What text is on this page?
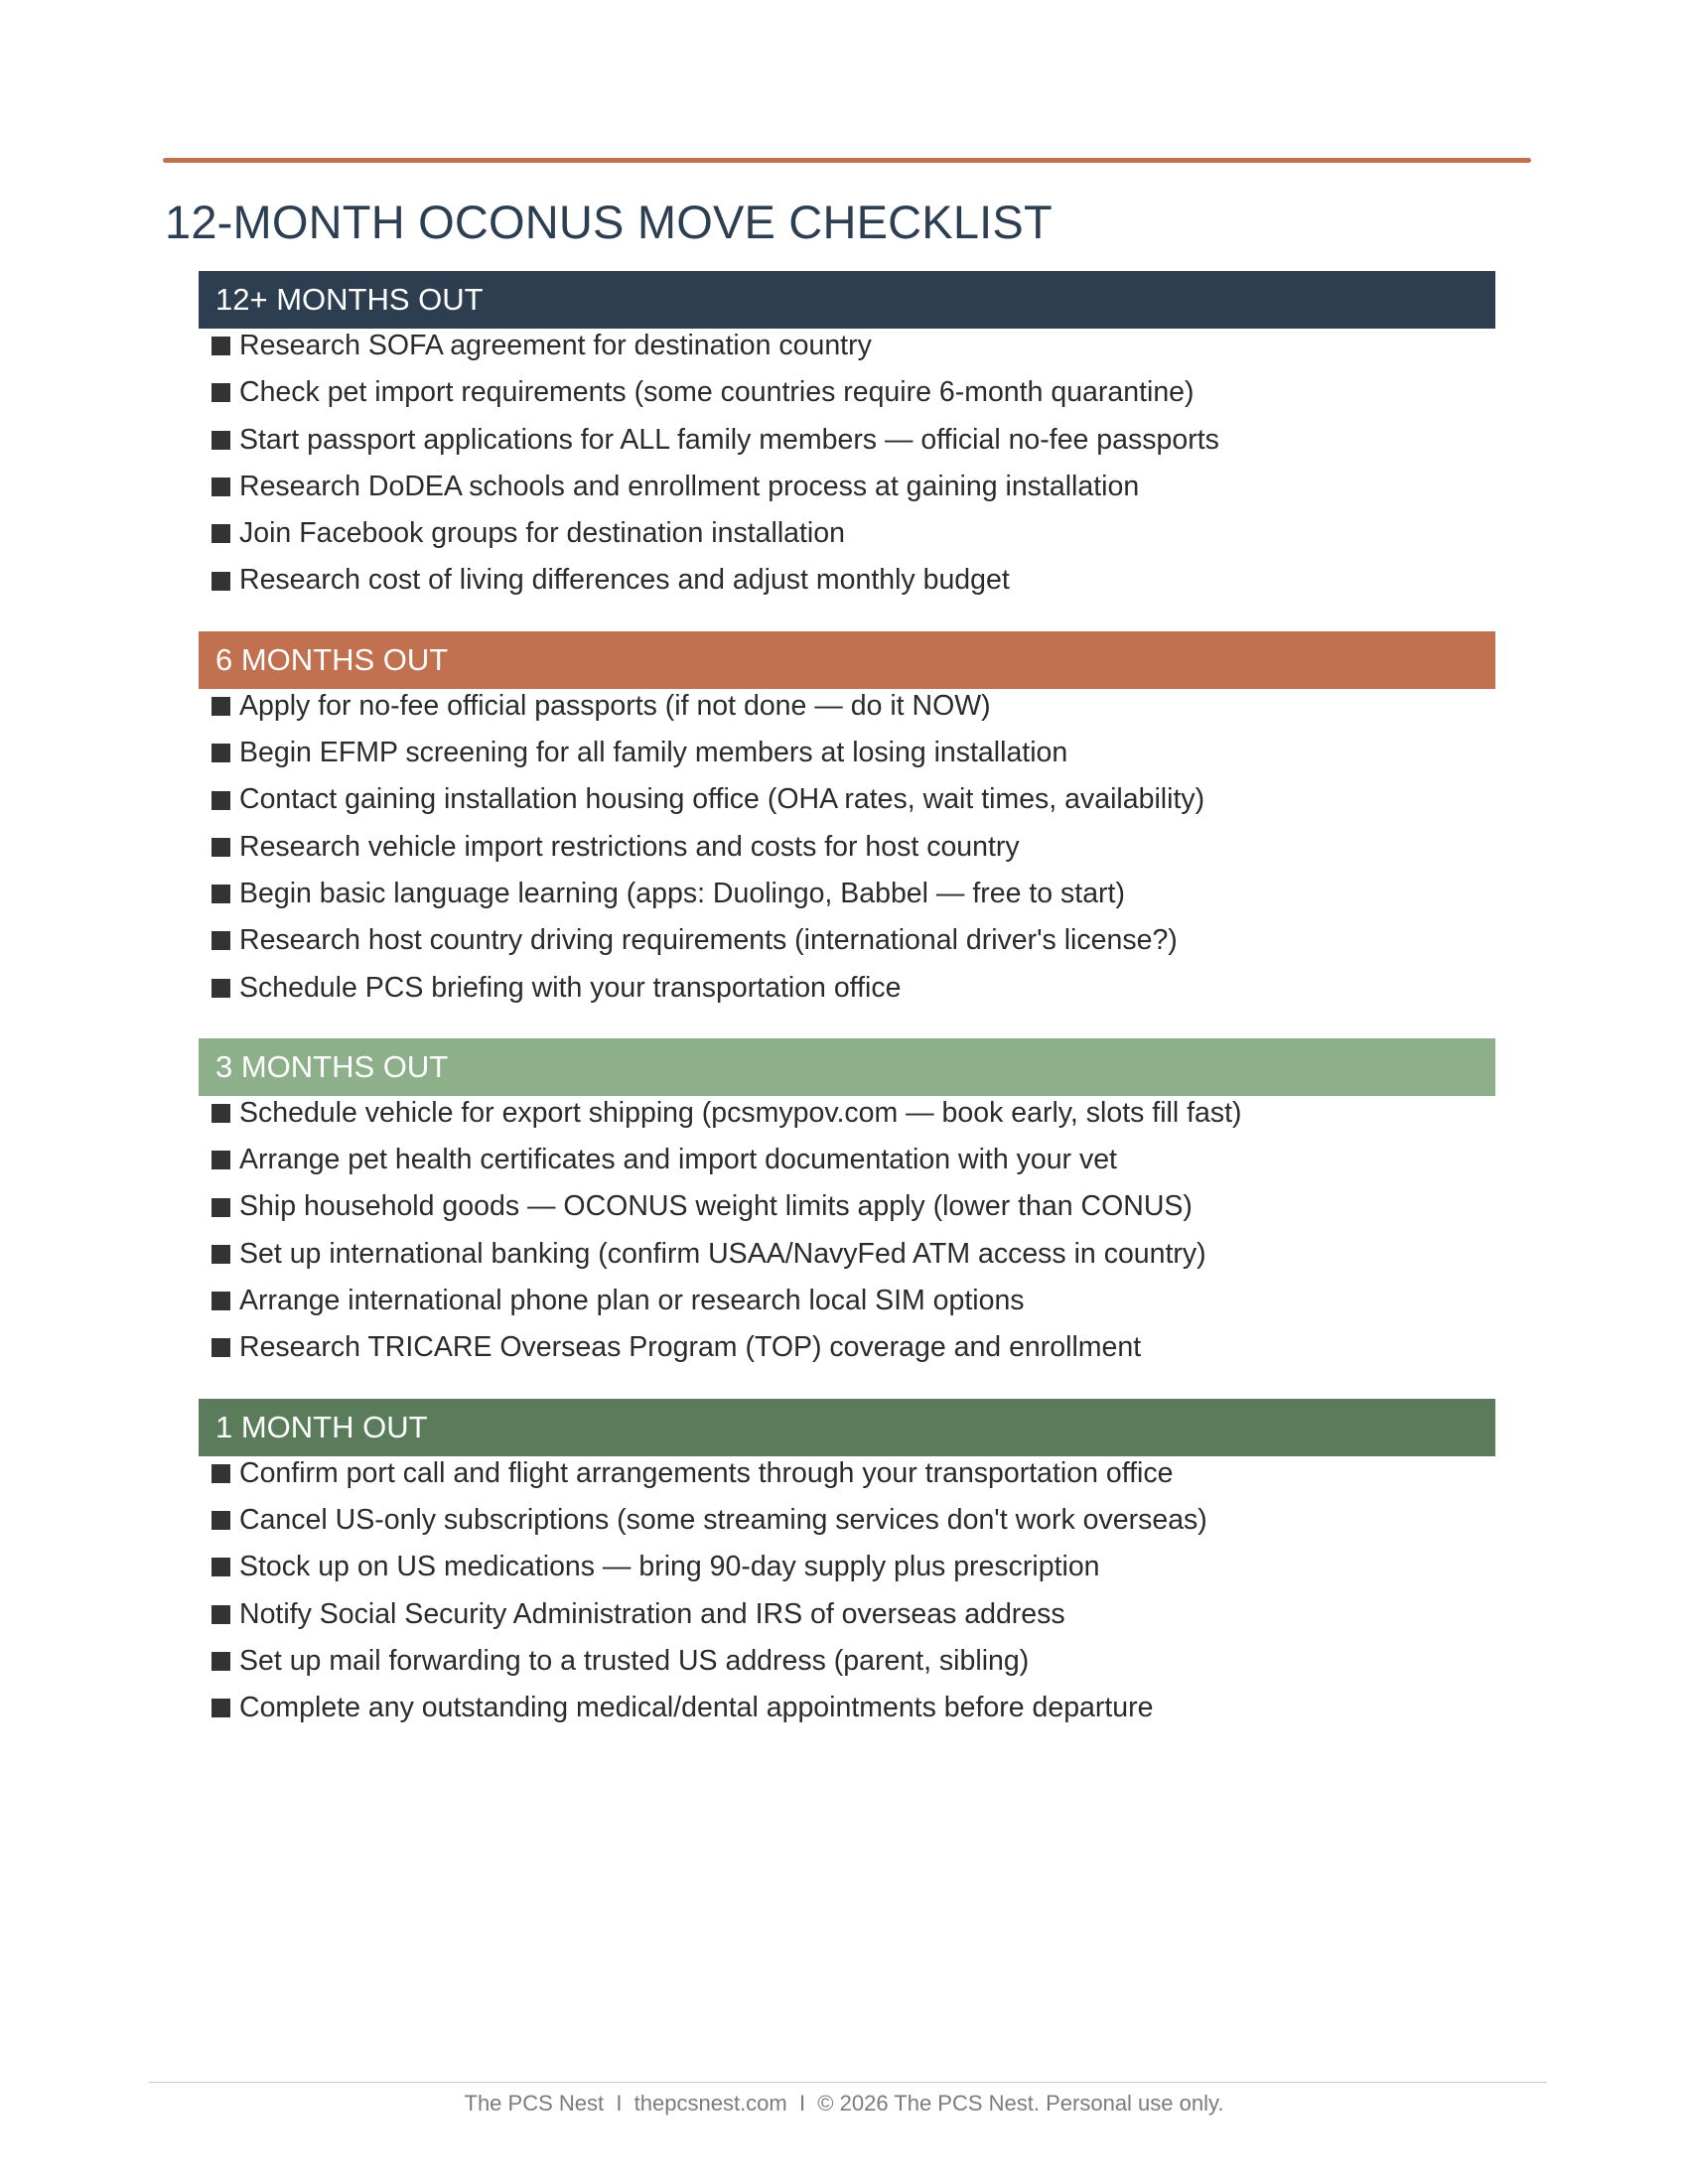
12-MONTH OCONUS MOVE CHECKLIST
12+ MONTHS OUT
Research SOFA agreement for destination country
Check pet import requirements (some countries require 6-month quarantine)
Start passport applications for ALL family members — official no-fee passports
Research DoDEA schools and enrollment process at gaining installation
Join Facebook groups for destination installation
Research cost of living differences and adjust monthly budget
6 MONTHS OUT
Apply for no-fee official passports (if not done — do it NOW)
Begin EFMP screening for all family members at losing installation
Contact gaining installation housing office (OHA rates, wait times, availability)
Research vehicle import restrictions and costs for host country
Begin basic language learning (apps: Duolingo, Babbel — free to start)
Research host country driving requirements (international driver's license?)
Schedule PCS briefing with your transportation office
3 MONTHS OUT
Schedule vehicle for export shipping (pcsmypov.com — book early, slots fill fast)
Arrange pet health certificates and import documentation with your vet
Ship household goods — OCONUS weight limits apply (lower than CONUS)
Set up international banking (confirm USAA/NavyFed ATM access in country)
Arrange international phone plan or research local SIM options
Research TRICARE Overseas Program (TOP) coverage and enrollment
1 MONTH OUT
Confirm port call and flight arrangements through your transportation office
Cancel US-only subscriptions (some streaming services don't work overseas)
Stock up on US medications — bring 90-day supply plus prescription
Notify Social Security Administration and IRS of overseas address
Set up mail forwarding to a trusted US address (parent, sibling)
Complete any outstanding medical/dental appointments before departure
The PCS Nest  I  thepcsnest.com  I  © 2026 The PCS Nest. Personal use only.
